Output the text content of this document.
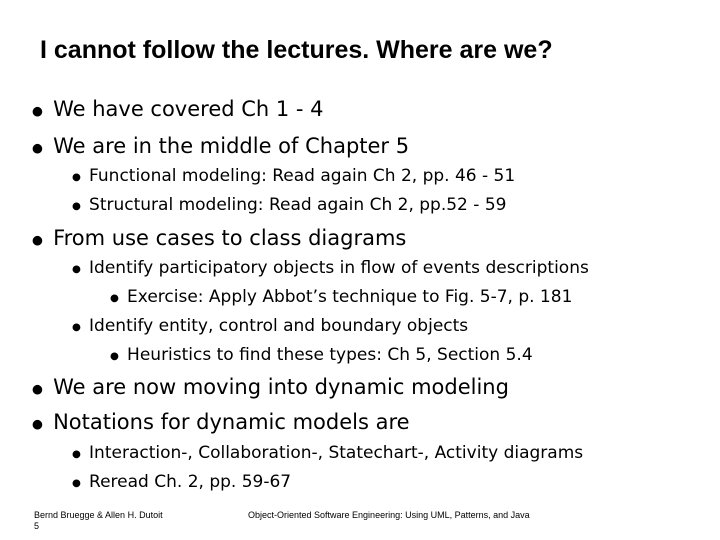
I cannot follow the lectures. Where are we?
● We have covered Ch 1 - 4
● We are in the middle of Chapter 5
● Functional modeling: Read again Ch 2, pp. 46 - 51
● Structural modeling: Read again Ch 2, pp.52 - 59
● From use cases to class diagrams
● Identify participatory objects in flow of events descriptions
● Exercise: Apply Abbot’s technique to Fig. 5-7, p. 181
● Identify entity, control and boundary objects
● Heuristics to find these types: Ch 5, Section 5.4
● We are now moving into dynamic modeling
● Notations for dynamic models are
● Interaction-, Collaboration-, Statechart-, Activity diagrams
● Reread Ch. 2, pp. 59-67
Bernd Bruegge & Allen H. Dutoit
5
Object-Oriented Software Engineering: Using UML, Patterns, and Java
